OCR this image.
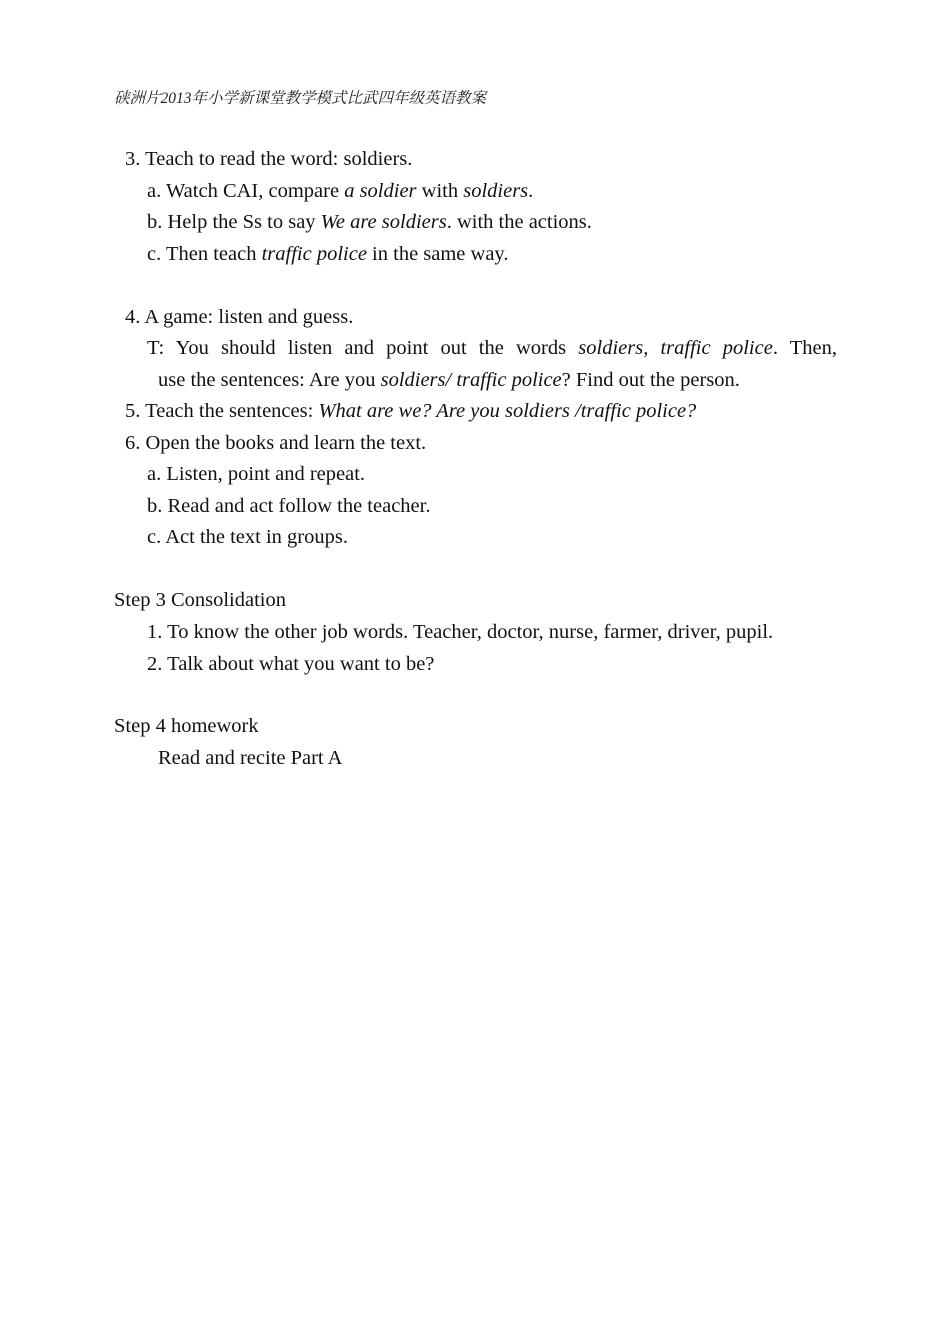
硖洲片2013年小学新课堂教学模式比武四年级英语教案
3. Teach to read the word: soldiers.
a. Watch CAI, compare a soldier with soldiers.
b. Help the Ss to say We are soldiers. with the actions.
c. Then teach traffic police in the same way.
4. A game: listen and guess.
T: You should listen and point out the words soldiers, traffic police. Then,
use the sentences: Are you soldiers/ traffic police? Find out the person.
5. Teach the sentences: What are we? Are you soldiers /traffic police?
6. Open the books and learn the text.
a. Listen, point and repeat.
b. Read and act follow the teacher.
c. Act the text in groups.
Step 3 Consolidation
1. To know the other job words. Teacher, doctor, nurse, farmer, driver, pupil.
2. Talk about what you want to be?
Step 4 homework
Read and recite Part A
